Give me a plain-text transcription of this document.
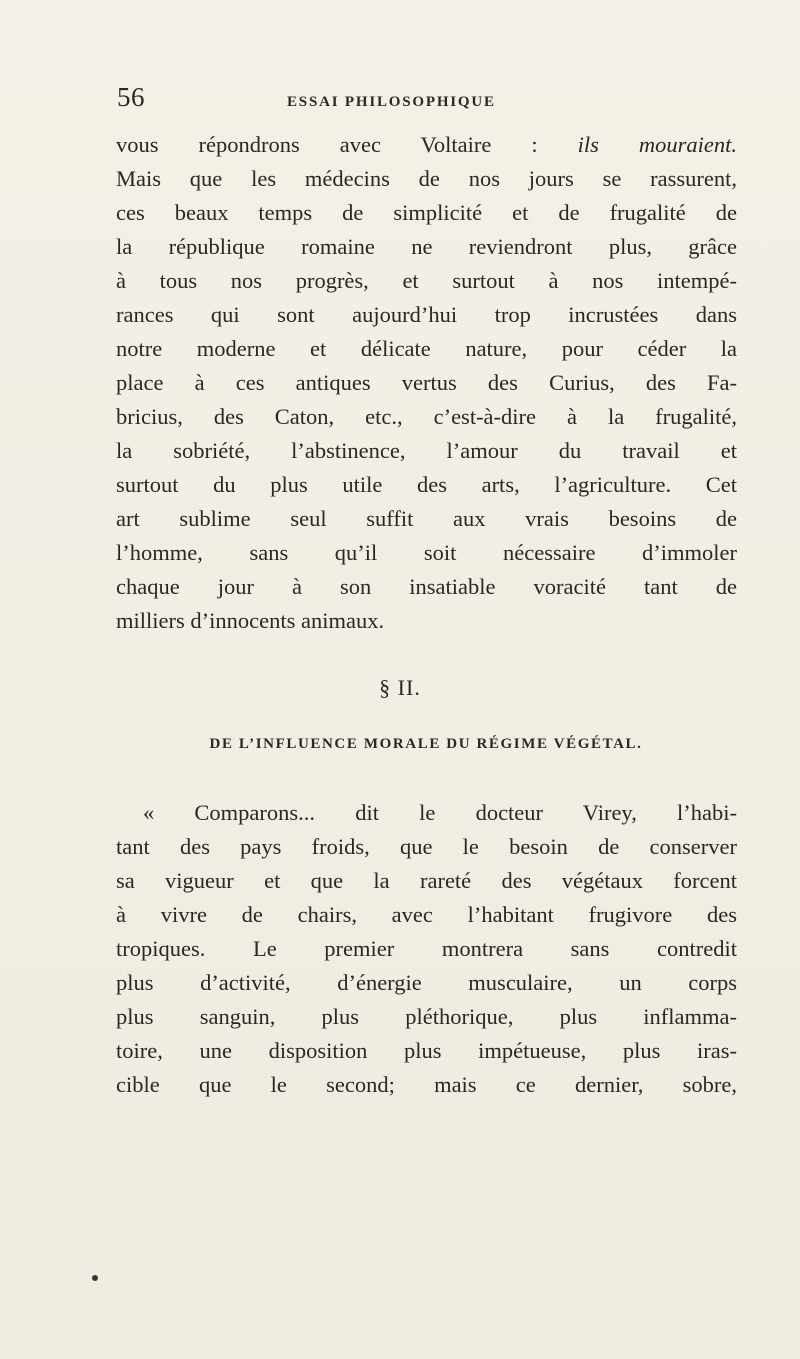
56	ESSAI PHILOSOPHIQUE
vous répondrons avec Voltaire : ils mouraient.
Mais que les médecins de nos jours se rassurent,
ces beaux temps de simplicité et de frugalité de
la république romaine ne reviendront plus, grâce
à tous nos progrès, et surtout à nos intempé-
rances qui sont aujourd’hui trop incrustées dans
notre moderne et délicate nature, pour céder la
place à ces antiques vertus des Curius, des Fa-
bricius, des Caton, etc., c’est-à-dire à la frugalité,
la sobriété, l’abstinence, l’amour du travail et
surtout du plus utile des arts, l’agriculture. Cet
art sublime seul suffit aux vrais besoins de
l’homme, sans qu’il soit nécessaire d’immoler
chaque jour à son insatiable voracité tant de
milliers d’innocents animaux.
§ II.
DE L’INFLUENCE MORALE DU RÉGIME VÉGÉTAL.
« Comparons... dit le docteur Virey, l’habi-
tant des pays froids, que le besoin de conserver
sa vigueur et que la rareté des végétaux forcent
à vivre de chairs, avec l’habitant frugivore des
tropiques. Le premier montrera sans contredit
plus d’activité, d’énergie musculaire, un corps
plus sanguin, plus pléthorique, plus inflamma-
toire, une disposition plus impétueuse, plus iras-
cible que le second; mais ce dernier, sobre,
